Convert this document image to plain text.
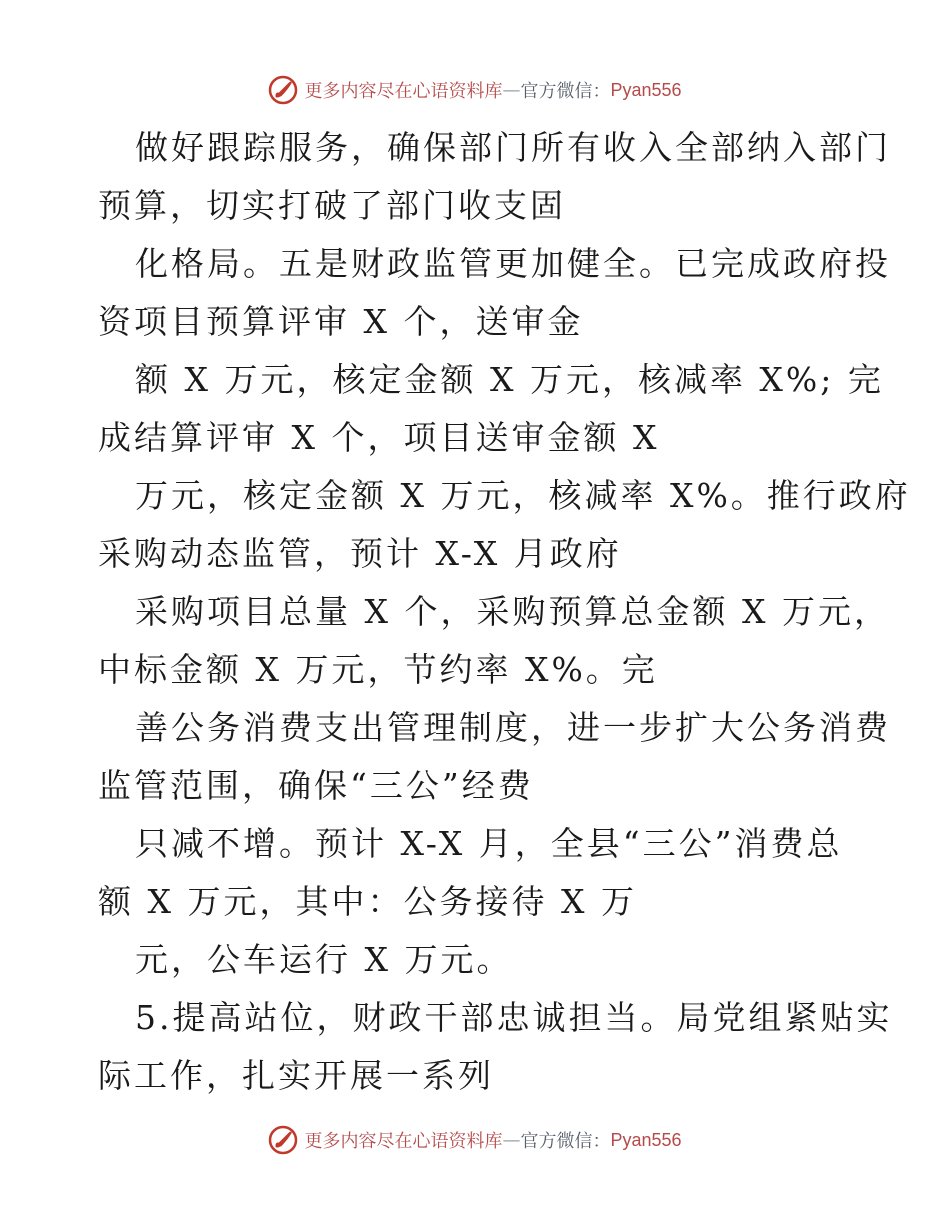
更多内容尽在心语资料库 — 官方微信： Pyan556
做好跟踪服务，确保部门所有收入全部纳入部门
预算，切实打破了部门收支固
化格局。五是财政监管更加健全。已完成政府投
资项目预算评审 X 个，送审金
额 X 万元，核定金额 X 万元，核减率 X%; 完
成结算评审 X 个，项目送审金额 X
万元，核定金额 X 万元，核减率 X%。推行政府
采购动态监管，预计 X-X 月政府
采购项目总量 X 个，采购预算总金额 X 万元，
中标金额 X 万元，节约率 X%。完
善公务消费支出管理制度，进一步扩大公务消费
监管范围，确保“三公”经费
只减不增。预计 X-X 月，全县“三公”消费总
额 X 万元，其中：公务接待 X 万
元，公车运行 X 万元。
5.提高站位，财政干部忠诚担当。局党组紧贴实
际工作，扎实开展一系列
更多内容尽在心语资料库 — 官方微信： Pyan556
